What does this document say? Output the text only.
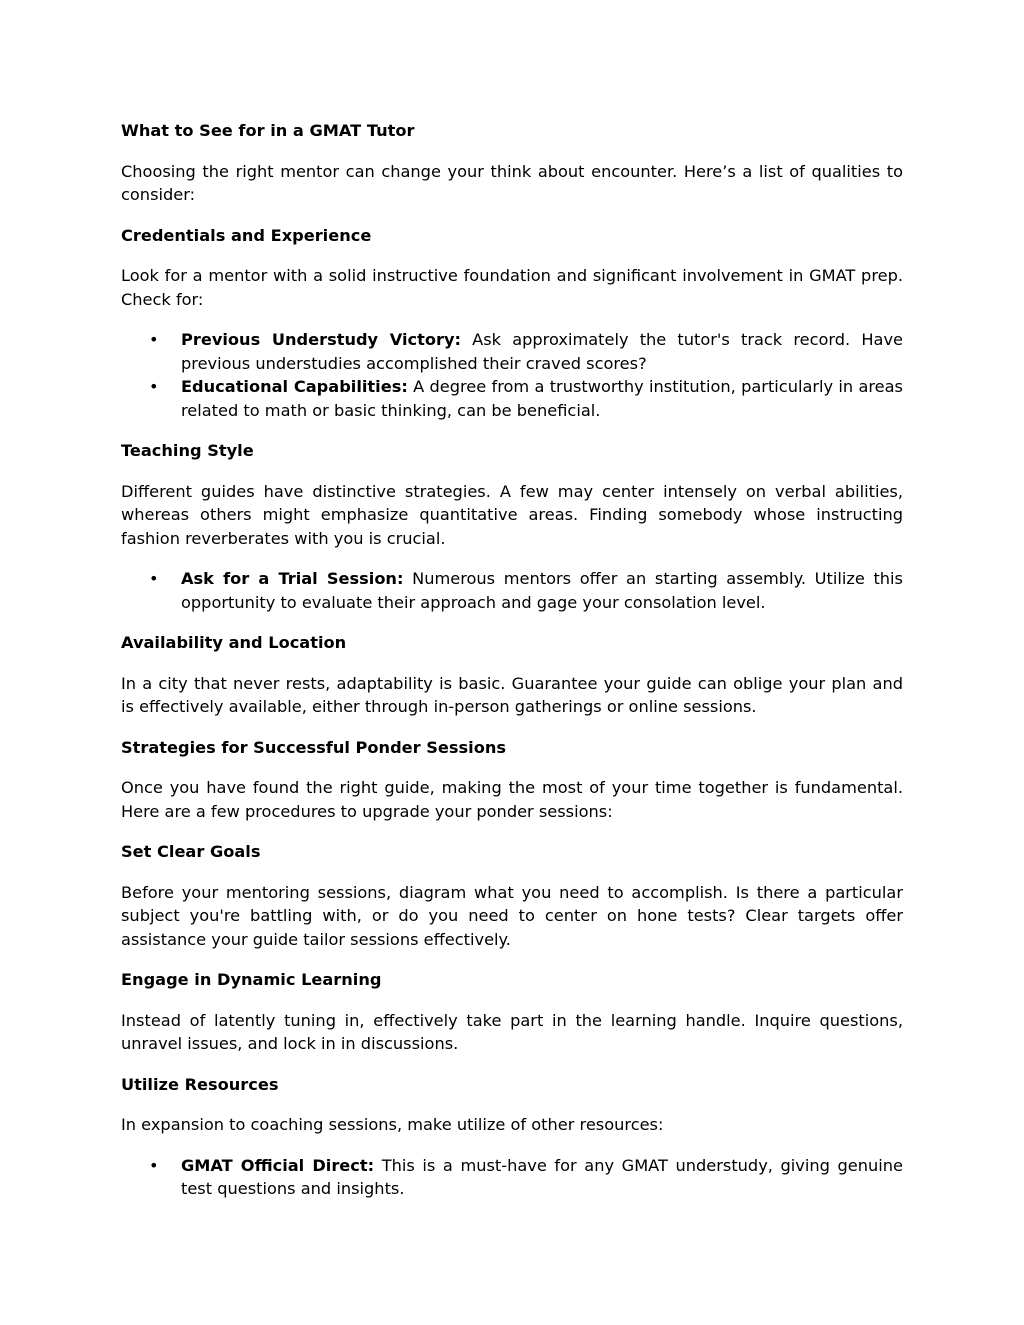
What to See for in a GMAT Tutor
Choosing the right mentor can change your think about encounter. Here’s a list of qualities to consider:
Credentials and Experience
Look for a mentor with a solid instructive foundation and significant involvement in GMAT prep. Check for:
• Previous Understudy Victory: Ask approximately the tutor's track record. Have previous understudies accomplished their craved scores?
• Educational Capabilities: A degree from a trustworthy institution, particularly in areas related to math or basic thinking, can be beneficial.
Teaching Style
Different guides have distinctive strategies. A few may center intensely on verbal abilities, whereas others might emphasize quantitative areas. Finding somebody whose instructing fashion reverberates with you is crucial.
• Ask for a Trial Session: Numerous mentors offer an starting assembly. Utilize this opportunity to evaluate their approach and gage your consolation level.
Availability and Location
In a city that never rests, adaptability is basic. Guarantee your guide can oblige your plan and is effectively available, either through in-person gatherings or online sessions.
Strategies for Successful Ponder Sessions
Once you have found the right guide, making the most of your time together is fundamental. Here are a few procedures to upgrade your ponder sessions:
Set Clear Goals
Before your mentoring sessions, diagram what you need to accomplish. Is there a particular subject you're battling with, or do you need to center on hone tests? Clear targets offer assistance your guide tailor sessions effectively.
Engage in Dynamic Learning
Instead of latently tuning in, effectively take part in the learning handle. Inquire questions, unravel issues, and lock in in discussions.
Utilize Resources
In expansion to coaching sessions, make utilize of other resources:
• GMAT Official Direct: This is a must-have for any GMAT understudy, giving genuine test questions and insights.
